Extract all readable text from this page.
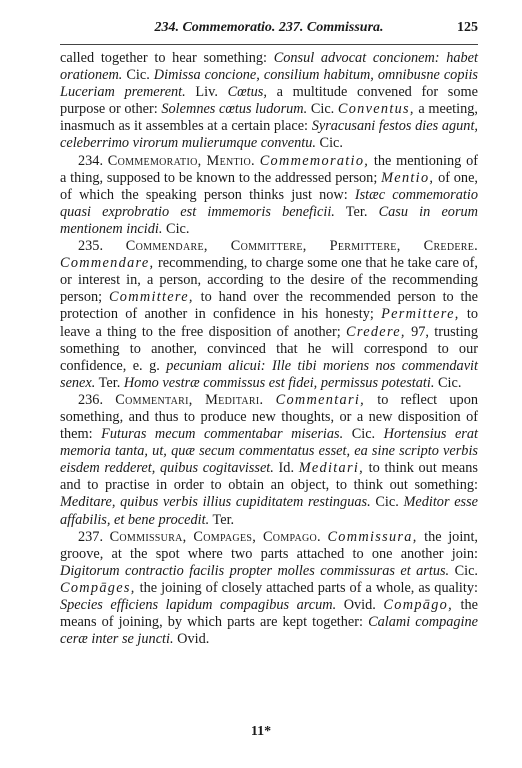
234. Commemoratio. 237. Commissura.	125

called together to hear something: Consul advocat concionem: habet orationem. Cic. Dimissa concione, consilium habitum, omnibusne copiis Luceriam premerent. Liv. Cœtus, a multitude convened for some purpose or other: Solemnes cœtus ludorum. Cic. Conventus, a meeting, inasmuch as it assembles at a certain place: Syracusani festos dies agunt, celeberrimo virorum mulierumque conventu. Cic.

234. Commemoratio, Mentio. Commemoratio, the mentioning of a thing, supposed to be known to the addressed person; Mentio, of one, of which the speaking person thinks just now: Istæc commemoratio quasi exprobratio est immemoris beneficii. Ter. Casu in eorum mentionem incidi. Cic.

235. Commendare, Committere, Permittere, Credere. Commendare, recommending, to charge some one that he take care of, or interest in, a person, according to the desire of the recommending person; Committere, to hand over the recommended person to the protection of another in confidence in his honesty; Permittere, to leave a thing to the free disposition of another; Credere, 97, trusting something to another, convinced that he will correspond to our confidence, e. g. pecuniam alicui: Ille tibi moriens nos commendavit senex. Ter. Homo vestræ commissus est fidei, permissus potestati. Cic.

236. Commentari, Meditari. Commentari, to reflect upon something, and thus to produce new thoughts, or a new disposition of them: Futuras mecum commentabar miserias. Cic. Hortensius erat memoria tanta, ut, quæ secum commentatus esset, ea sine scripto verbis eisdem redderet, quibus cogitavisset. Id. Meditari, to think out means and to practise in order to obtain an object, to think out something: Meditare, quibus verbis illius cupiditatem restinguas. Cic. Meditor esse affabilis, et bene procedit. Ter.

237. Commissura, Compages, Compago. Commissura, the joint, groove, at the spot where two parts attached to one another join: Digitorum contractio facilis propter molles commissuras et artus. Cic. Compāges, the joining of closely attached parts of a whole, as quality: Species efficiens lapidum compagibus arcum. Ovid. Compāgo, the means of joining, by which parts are kept together: Calami compagine ceræ inter se juncti. Ovid.

11*
